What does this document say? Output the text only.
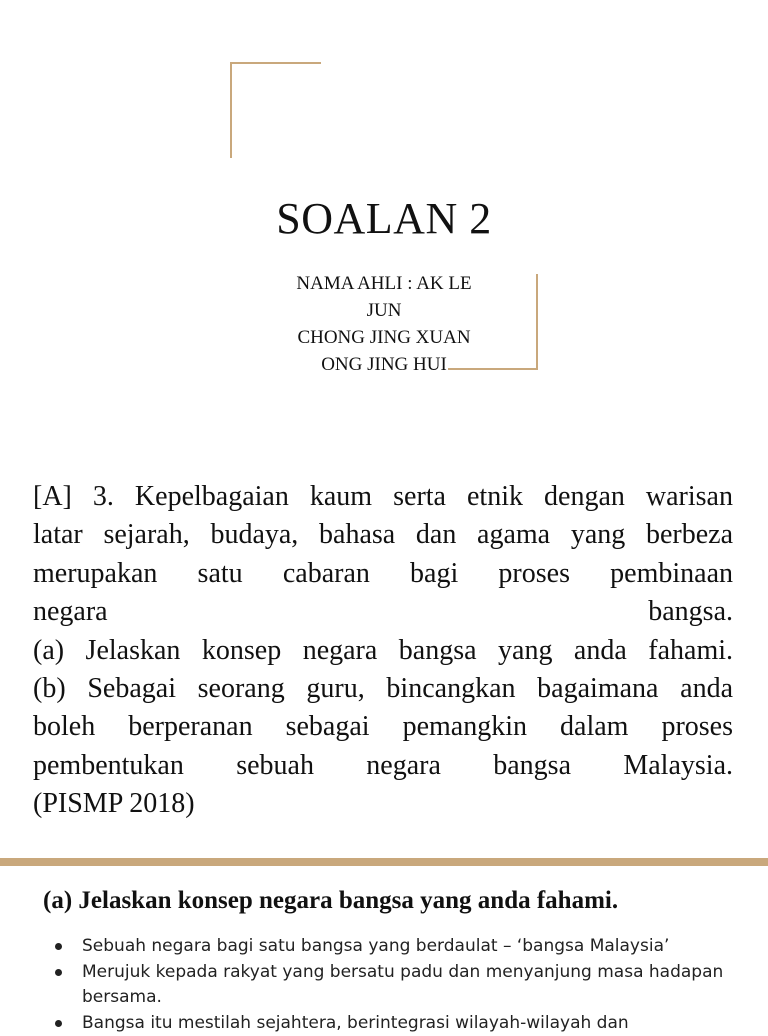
SOALAN 2
NAMA AHLI : AK LE
JUN
CHONG JING XUAN
ONG JING HUI
[A] 3. Kepelbagaian kaum serta etnik dengan warisan
latar sejarah, budaya, bahasa dan agama yang berbeza
merupakan satu cabaran bagi proses pembinaan
negara bangsa.
(a) Jelaskan konsep negara bangsa yang anda fahami.
(b) Sebagai seorang guru, bincangkan bagaimana anda
boleh berperanan sebagai pemangkin dalam proses
pembentukan sebuah negara bangsa Malaysia.
(PISMP 2018)
(a) Jelaskan konsep negara bangsa yang anda fahami.
Sebuah negara bagi satu bangsa yang berdaulat – ‘bangsa Malaysia’
Merujuk kepada rakyat yang bersatu padu dan menyanjung masa hadapan bersama.
Bangsa itu mestilah sejahtera, berintegrasi wilayah-wilayah dan
